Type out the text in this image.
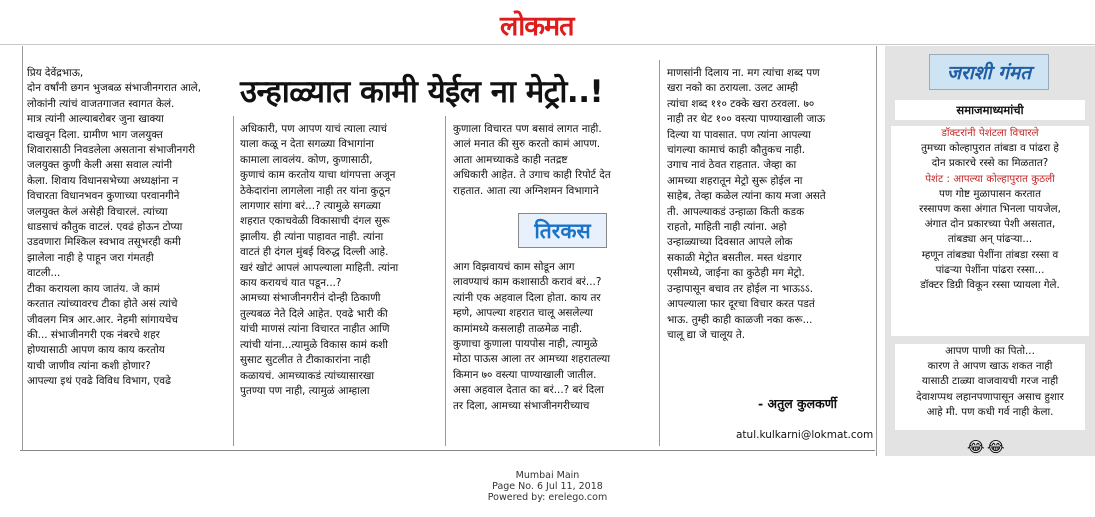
लोकमत
उन्हाळ्यात कामी येईल ना मेट्रो..!
प्रिय देवेंद्रभाऊ,
दोन वर्षांनी छगन भुजबळ संभाजीनगरात आले,
लोकांनी त्यांचं वाजतगाजत स्वागत केलं.
मात्र त्यांनी आल्याबरोबर जुना खाक्या
दाखवून दिला. ग्रामीण भाग जलयुक्त
शिवारासाठी निवडलेला असताना संभाजीनगरी
जलयुक्त कुणी केली असा सवाल त्यांनी
केला. शिवाय विधानसभेच्या अध्यक्षांना न
विचारता विधानभवन कुणाच्या परवानगीने
जलयुक्त केलं असेही विचारलं. त्यांच्या
धाडसाचं कौतुक वाटलं. एवढं होऊन टोप्या
उडवणारा मिश्किल स्वभाव तसूभरही कमी
झालेला नाही हे पाहून जरा गंमतही
वाटली...
टीका करायला काय जातंय. जे कामं
करतात त्यांच्यावरच टीका होते असं त्यांचे
जीवलग मित्र आर.आर. नेहमी सांगायचेच
की... संभाजीनगरी एक नंबरचे शहर
होण्यासाठी आपण काय काय करतोय
याची जाणीव त्यांना कशी होणार?
आपल्या इथं एवढे विविध विभाग, एवढे
अधिकारी, पण आपण याचं त्याला त्याचं
याला कळू न देता सगळ्या विभागांना
कामाला लावलंय. कोण, कुणासाठी,
कुणाचं काम करतोय याचा थांगपत्ता अजून
ठेकेदारांना लागलेला नाही तर यांना कुठून
लागणार सांगा बरं...? त्यामुळे सगळ्या
शहरात एकाचवेळी विकासाची दंगल सुरू
झालीय. ही त्यांना पाहावत नाही. त्यांना
वाटतं ही दंगल मुंबई विरुद्ध दिल्ली आहे.
खरं खोटं आपलं आपल्याला माहिती. त्यांना
काय करायचं यात पडून...?
आमच्या संभाजीनगरीनं दोन्ही ठिकाणी
तुल्यबळ नेते दिले आहेत. एवढे भारी की
यांची माणसं त्यांना विचारत नाहीत आणि
त्यांची यांना...त्यामुळे विकास कामं कशी
सुसाट सुटलीत ते टीकाकारांना नाही
कळायचं. आमच्याकडं त्यांच्यासारखा
पुतण्या पण नाही, त्यामुळं आम्हाला
कुणाला विचारत पण बसावं लागत नाही.
आलं मनात की सुरु करतो कामं आपण.
आता आमच्याकडे काही नतद्रष्ट
अधिकारी आहेत. ते उगाच काही रिपोर्ट देत
राहतात. आता त्या अग्निशमन विभागाने
तिरकस
आग विझवायचं काम सोडून आग
लावण्याचं काम कशासाठी करावं बरं...?
त्यांनी एक अहवाल दिला होता. काय तर
म्हणे, आपल्या शहरात चालू असलेल्या
कामांमध्ये कसलाही ताळमेळ नाही.
कुणाचा कुणाला पायपोस नाही, त्यामुळे
मोठा पाऊस आला तर आमच्या शहरातल्या
किमान ७० वस्त्या पाण्याखाली जातील.
असा अहवाल देतात का बरं...? बरं दिला
तर दिला, आमच्या संभाजीनगरीच्याच
माणसांनी दिलाय ना. मग त्यांचा शब्द पण
खरा नको का ठरायला. उलट आम्ही
त्यांचा शब्द ११० टक्के खरा ठरवला. ७०
नाही तर थेट १०० वस्त्या पाण्याखाली जाऊ
दिल्या या पावसात. पण त्यांना आपल्या
चांगल्या कामाचं काही कौतुकच नाही.
उगाच नावं ठेवत राहतात. जेव्हा का
आमच्या शहरातून मेट्रो सुरू होईल ना
साहेब, तेव्हा कळेल त्यांना काय मजा असते
ती. आपल्याकडं उन्हाळा किती कडक
राहतो, माहिती नाही त्यांना. अहो
उन्हाळ्याच्या दिवसात आपले लोक
सकाळी मेट्रोत बसतील. मस्त थंडगार
एसीमध्ये, जाईना का कुठेही मग मेट्रो.
उन्हापासून बचाव तर होईल ना भाऊऽऽ.
आपल्याला फार दूरचा विचार करत पडतं
भाऊ. तुम्ही काही काळजी नका करू...
चालू द्या जे चालूय ते.
- अतुल कुलकर्णी
atul.kulkarni@lokmat.com
जराशी गंमत
समाजमाध्यमांची
डॉक्टरांनी पेशंटला विचारले
तुमच्या कोल्हापुरात तांबडा व पांढरा हे
दोन प्रकारचे रस्से का मिळतात?
पेशंट : आपल्या कोल्हापुरात कुठली
पण गोष्ट मुळापासन करतात
रस्सापण कसा अंगात भिनला पायजेल,
अंगात दोन प्रकारच्या पेशी असतात,
तांबड्या अन् पांढऱ्या...
म्हणून तांबड्या पेशींना तांबडा रस्सा व
पांढऱ्या पेशींना पांढरा रस्सा...
डॉक्टर डिग्री विकून रस्सा प्यायला गेले.
आपण पाणी का पितो...
कारण ते आपण खाऊ शकत नाही
यासाठी टाळ्या वाजवायची गरज नाही
देवाशप्पथ लहानपणापासून असाच हुशार
आहे मी. पण कधी गर्व नाही केला.
😂 😂
Mumbai Main
Page No. 6 Jul 11, 2018
Powered by: erelego.com
